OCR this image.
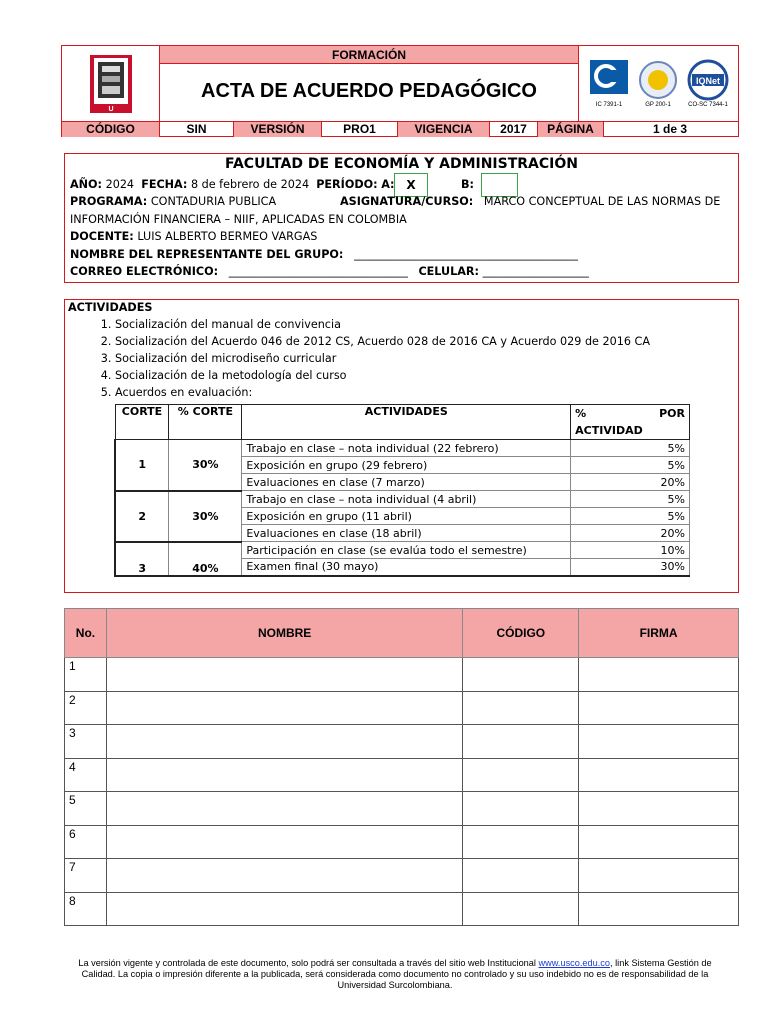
U
FORMACIÓN
ACTA DE ACUERDO PEDAGÓGICO
IC 7391-1	GP 200-1
IQNet
CO-SC 7344-1
CÓDIGO	SIN	VERSIÓN	PRO1	VIGENCIA	2017	PÁGINA	1 de 3
FACULTAD DE ECONOMÍA Y ADMINISTRACIÓN
AÑO: 2024 FECHA: 8 de febrero de 2024 PERÍODO: A: X	B:
PROGRAMA: CONTADURIA PUBLICA	ASIGNATURA/CURSO: MARCO CONCEPTUAL DE LAS NORMAS DE
INFORMACIÓN FINANCIERA – NIIF, APLICADAS EN COLOMBIA
DOCENTE: LUIS ALBERTO BERMEO VARGAS
NOMBRE DEL REPRESENTANTE DEL GRUPO: ________________________________________
CORREO ELECTRÓNICO: ________________________________ CELULAR: ___________________
ACTIVIDADES
1. Socialización del manual de convivencia
2. Socialización del Acuerdo 046 de 2012 CS, Acuerdo 028 de 2016 CA y Acuerdo 029 de 2016 CA
3. Socialización del microdiseño curricular
4. Socialización de la metodología del curso
5. Acuerdos en evaluación:
CORTE	% CORTE	ACTIVIDADES	% POR
ACTIVIDAD

1	30%	Trabajo en clase – nota individual (22 febrero)	5%
		Exposición en grupo (29 febrero)	5%
		Evaluaciones en clase (7 marzo)	20%
2	30%	Trabajo en clase – nota individual (4 abril)	5%
		Exposición en grupo (11 abril)	5%
		Evaluaciones en clase (18 abril)	20%
3	40%	Participación en clase (se evalúa todo el semestre)	10%
		Examen final (30 mayo)	30%
No.	NOMBRE	CÓDIGO	FIRMA
1			
2			
3			
4			
5			
6			
7			
8			
La versión vigente y controlada de este documento, solo podrá ser consultada a través del sitio web Institucional www.usco.edu.co, link Sistema Gestión de Calidad. La copia o impresión diferente a la publicada, será considerada como documento no controlado y su uso indebido no es de responsabilidad de la Universidad Surcolombiana.
